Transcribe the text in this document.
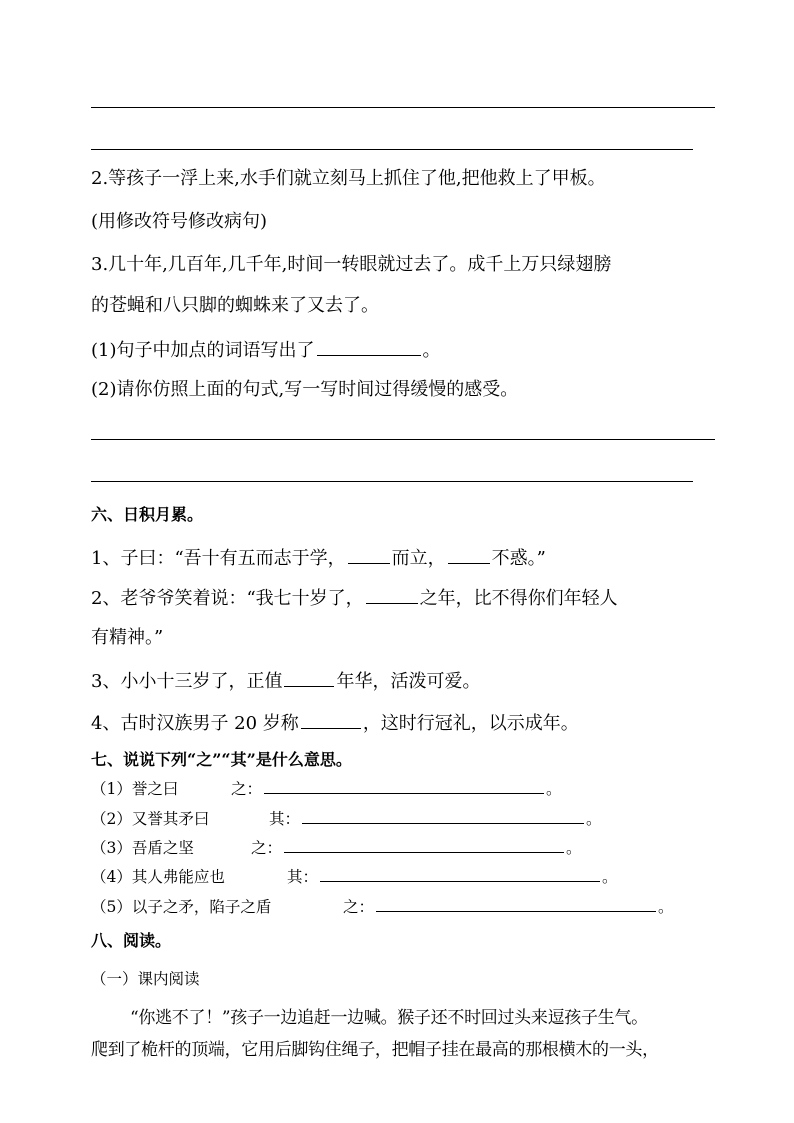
2.等孩子一浮上来,水手们就立刻马上抓住了他,把他救上了甲板。
(用修改符号修改病句)
3.几十年,几百年,几千年,时间一转眼就过去了。成千上万只绿翅膀
的苍蝇和八只脚的蜘蛛来了又去了。
(1)句子中加点的词语写出了	。
(2)请你仿照上面的句式,写一写时间过得缓慢的感受。
六、日积月累。
1、子曰：“吾十有五而志于学，	而立，	不惑。”
2、老爷爷笑着说：“我七十岁了，	之年，比不得你们年轻人
有精神。”
3、小小十三岁了，正值	年华，活泼可爱。
4、古时汉族男子 20 岁称	，这时行冠礼，以示成年。
七、说说下列“之”“其”是什么意思。
（1）誉之曰	之：	。
（2）又誉其矛曰	其：	。
（3）吾盾之坚	之：	。
（4）其人弗能应也	其：	。
（5）以子之矛，陷子之盾	之：	。
八、阅读。
（一）课内阅读
“你逃不了！”孩子一边追赶一边喊。猴子还不时回过头来逗孩子生气。
爬到了桅杆的顶端，它用后脚钩住绳子，把帽子挂在最高的那根横木的一头，
